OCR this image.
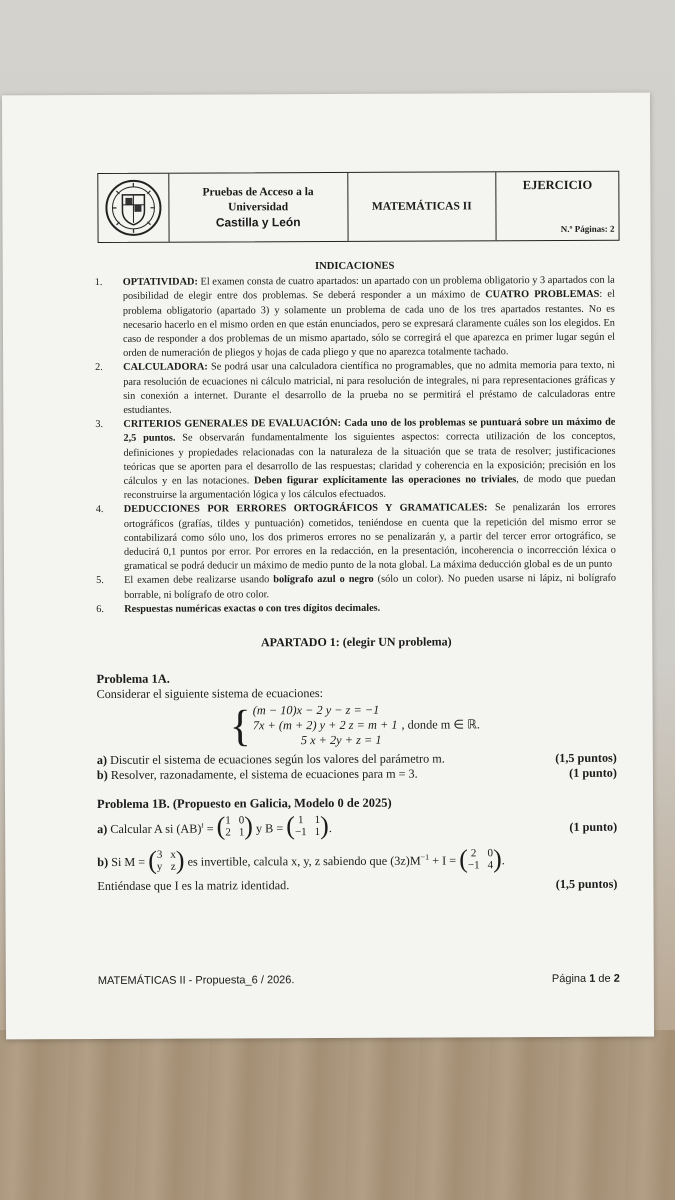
Pruebas de Acceso a la
Universidad
Castilla y León
MATEMÁTICAS II
EJERCICIO
N.º Páginas: 2
INDICACIONES
1. OPTATIVIDAD: El examen consta de cuatro apartados: un apartado con un problema obligatorio y 3 apartados con la posibilidad de elegir entre dos problemas. Se deberá responder a un máximo de CUATRO PROBLEMAS: el problema obligatorio (apartado 3) y solamente un problema de cada uno de los tres apartados restantes. No es necesario hacerlo en el mismo orden en que están enunciados, pero se expresará claramente cuáles son los elegidos. En caso de responder a dos problemas de un mismo apartado, sólo se corregirá el que aparezca en primer lugar según el orden de numeración de pliegos y hojas de cada pliego y que no aparezca totalmente tachado.
2. CALCULADORA: Se podrá usar una calculadora científica no programables, que no admita memoria para texto, ni para resolución de ecuaciones ni cálculo matricial, ni para resolución de integrales, ni para representaciones gráficas y sin conexión a internet. Durante el desarrollo de la prueba no se permitirá el préstamo de calculadoras entre estudiantes.
3. CRITERIOS GENERALES DE EVALUACIÓN: Cada uno de los problemas se puntuará sobre un máximo de 2,5 puntos. Se observarán fundamentalmente los siguientes aspectos: correcta utilización de los conceptos, definiciones y propiedades relacionadas con la naturaleza de la situación que se trata de resolver; justificaciones teóricas que se aporten para el desarrollo de las respuestas; claridad y coherencia en la exposición; precisión en los cálculos y en las notaciones. Deben figurar explícitamente las operaciones no triviales, de modo que puedan reconstruirse la argumentación lógica y los cálculos efectuados.
4. DEDUCCIONES POR ERRORES ORTOGRÁFICOS Y GRAMATICALES: Se penalizarán los errores ortográficos (grafías, tildes y puntuación) cometidos, teniéndose en cuenta que la repetición del mismo error se contabilizará como sólo uno, los dos primeros errores no se penalizarán y, a partir del tercer error ortográfico, se deducirá 0,1 puntos por error. Por errores en la redacción, en la presentación, incoherencia o incorrección léxica o gramatical se podrá deducir un máximo de medio punto de la nota global. La máxima deducción global es de un punto
5. El examen debe realizarse usando bolígrafo azul o negro (sólo un color). No pueden usarse ni lápiz, ni bolígrafo borrable, ni bolígrafo de otro color.
6. Respuestas numéricas exactas o con tres dígitos decimales.
APARTADO 1: (elegir UN problema)
Problema 1A.
Considerar el siguiente sistema de ecuaciones:
{ (m − 10)x − 2 y − z = −1
7x + (m + 2) y + 2 z = m + 1 , donde m ∈ ℝ.
5 x + 2y + z = 1
a) Discutir el sistema de ecuaciones según los valores del parámetro m.	(1,5 puntos)
b) Resolver, razonadamente, el sistema de ecuaciones para m = 3.	(1 punto)
Problema 1B. (Propuesto en Galicia, Modelo 0 de 2025)
a) Calcular A si (AB)$^t$ = ( 1 0
2 1 ) y B = ( 1 1
−1 1 ) .	(1 punto)
b) Si M = ( 3 x
y z ) es invertible, calcula x, y, z sabiendo que $(3z)M^{-1} + I$ = ( 2 0
−1 4 ) .
Entiéndase que I es la matriz identidad.	(1,5 puntos)
MATEMÁTICAS II - Propuesta_6 / 2026.	Página 1 de 2
